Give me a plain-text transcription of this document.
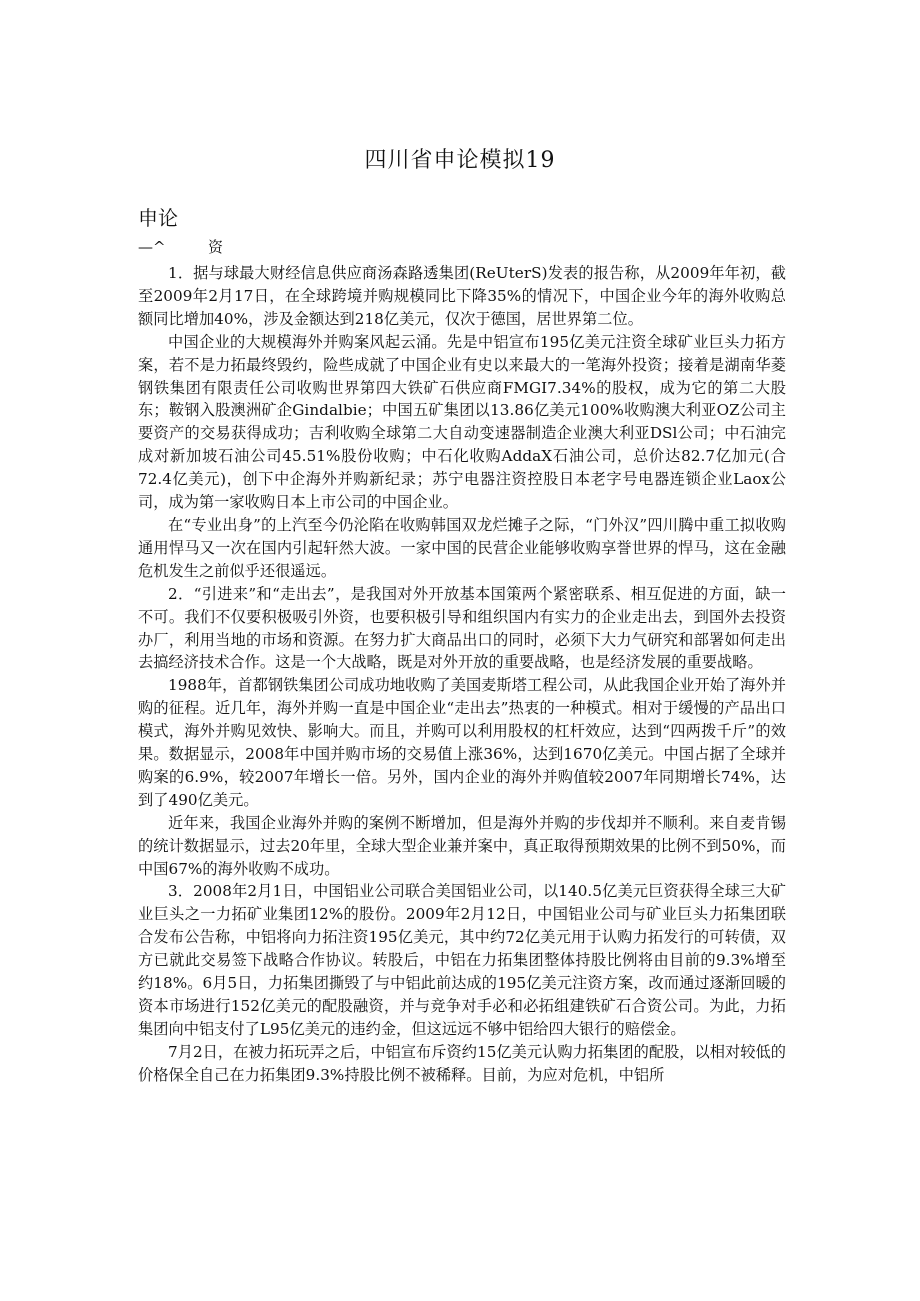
四川省申论模拟19
申论
—^	资

1．据与球最大财经信息供应商汤森路透集团(ReUterS)发表的报告称，从2009年年初，截至2009年2月17日，在全球跨境并购规模同比下降35%的情况下，中国企业今年的海外收购总额同比增加40%，涉及金额达到218亿美元，仅次于德国，居世界第二位。

中国企业的大规模海外并购案风起云涌。先是中铝宣布195亿美元注资全球矿业巨头力拓方案，若不是力拓最终毁约，险些成就了中国企业有史以来最大的一笔海外投资；接着是湖南华菱钢铁集团有限责任公司收购世界第四大铁矿石供应商FMGI7.34%的股权，成为它的第二大股东；鞍钢入股澳洲矿企Gindalbie；中国五矿集团以13.86亿美元100%收购澳大利亚OZ公司主要资产的交易获得成功；吉利收购全球第二大自动变速器制造企业澳大利亚DSl公司；中石油完成对新加坡石油公司45.51%股份收购；中石化收购AddaX石油公司，总价达82.7亿加元(合72.4亿美元)，创下中企海外并购新纪录；苏宁电器注资控股日本老字号电器连锁企业Laox公司，成为第一家收购日本上市公司的中国企业。

在“专业出身”的上汽至今仍沦陷在收购韩国双龙烂摊子之际，“门外汉”四川腾中重工拟收购通用悍马又一次在国内引起轩然大波。一家中国的民营企业能够收购享誉世界的悍马，这在金融危机发生之前似乎还很遥远。

2．“引进来”和“走出去”，是我国对外开放基本国策两个紧密联系、相互促进的方面，缺一不可。我们不仅要积极吸引外资，也要积极引导和组织国内有实力的企业走出去，到国外去投资办厂，利用当地的市场和资源。在努力扩大商品出口的同时，必须下大力气研究和部署如何走出去搞经济技术合作。这是一个大战略，既是对外开放的重要战略，也是经济发展的重要战略。

1988年，首都钢铁集团公司成功地收购了美国麦斯塔工程公司，从此我国企业开始了海外并购的征程。近几年，海外并购一直是中国企业“走出去”热衷的一种模式。相对于缓慢的产品出口模式，海外并购见效快、影响大。而且，并购可以利用股权的杠杆效应，达到“四两拨千斤”的效果。数据显示，2008年中国并购市场的交易值上涨36%，达到1670亿美元。中国占据了全球并购案的6.9%，较2007年增长一倍。另外，国内企业的海外并购值较2007年同期增长74%，达到了490亿美元。

近年来，我国企业海外并购的案例不断增加，但是海外并购的步伐却并不顺利。来自麦肯锡的统计数据显示，过去20年里，全球大型企业兼并案中，真正取得预期效果的比例不到50%，而中国67%的海外收购不成功。

3．2008年2月1日，中国铝业公司联合美国铝业公司，以140.5亿美元巨资获得全球三大矿业巨头之一力拓矿业集团12%的股份。2009年2月12日，中国铝业公司与矿业巨头力拓集团联合发布公告称，中铝将向力拓注资195亿美元，其中约72亿美元用于认购力拓发行的可转债，双方已就此交易签下战略合作协议。转股后，中铝在力拓集团整体持股比例将由目前的9.3%增至约18%。6月5日，力拓集团撕毁了与中铝此前达成的195亿美元注资方案，改而通过逐渐回暖的资本市场进行152亿美元的配股融资，并与竞争对手必和必拓组建铁矿石合资公司。为此，力拓集团向中铝支付了L95亿美元的违约金，但这远远不够中铝给四大银行的赔偿金。

7月2日，在被力拓玩弄之后，中铝宣布斥资约15亿美元认购力拓集团的配股，以相对较低的价格保全自己在力拓集团9.3%持股比例不被稀释。目前，为应对危机，中铝所
